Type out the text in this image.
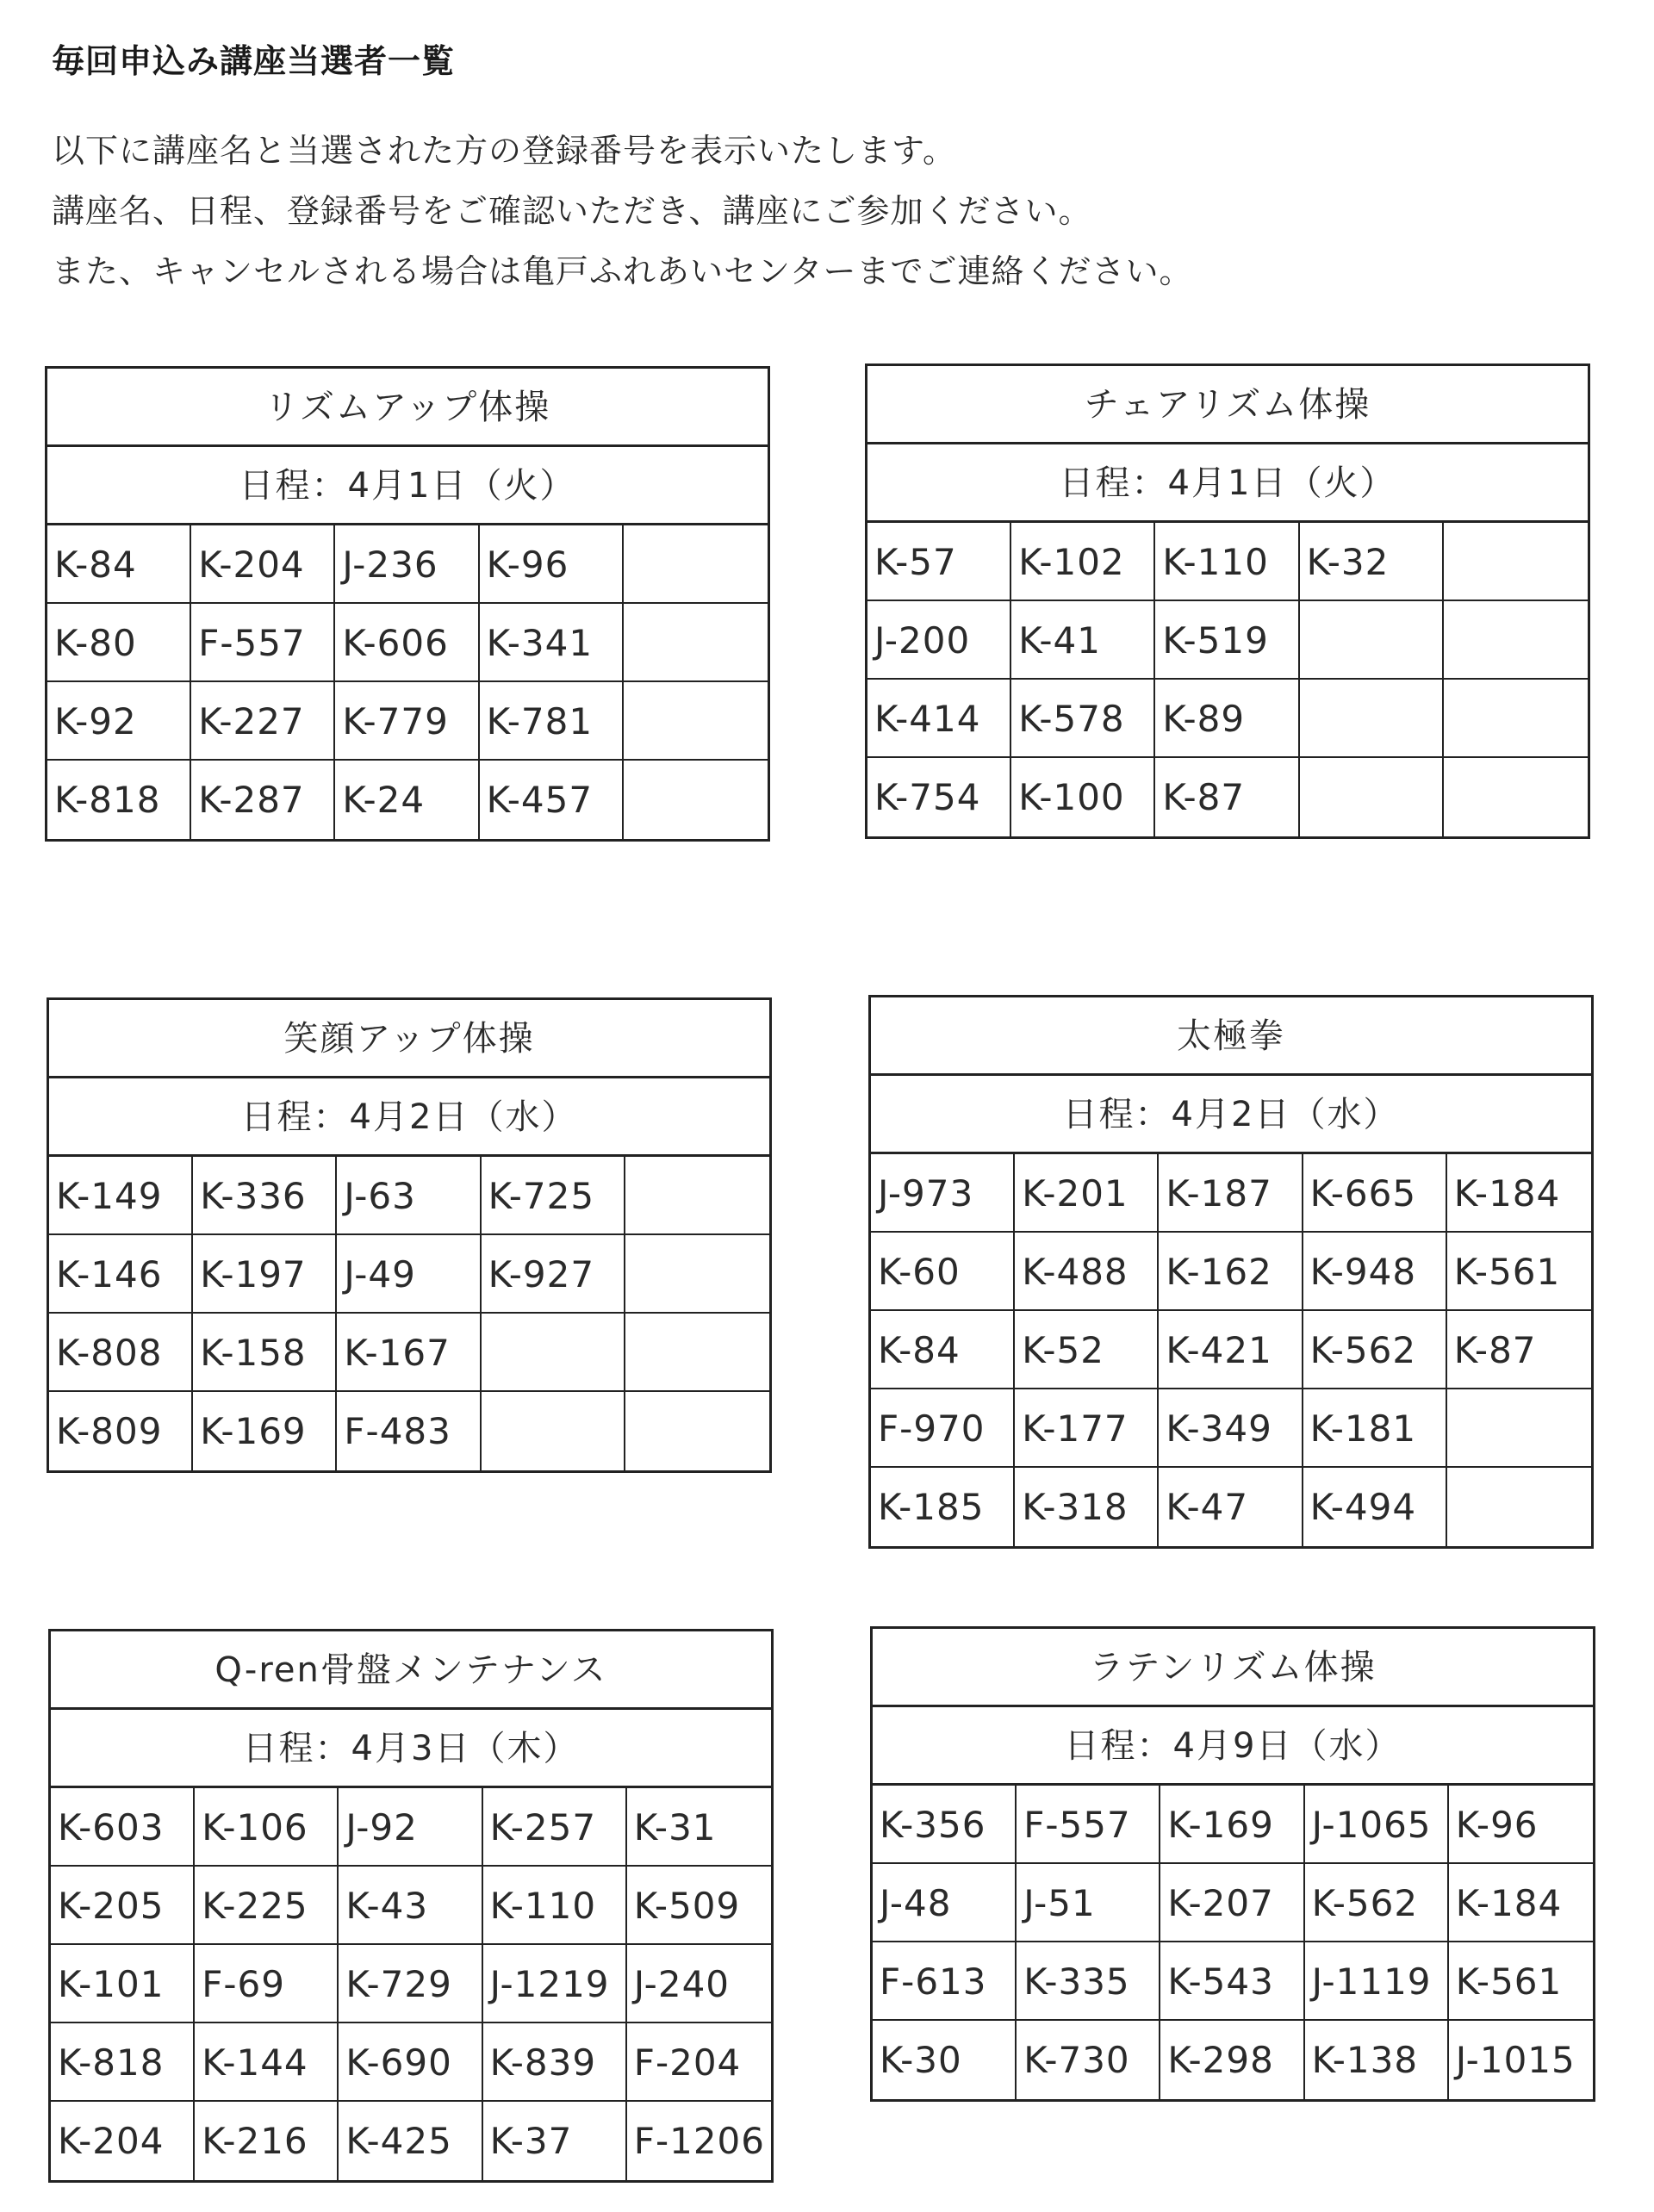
毎回申込み講座当選者一覧
以下に講座名と当選された方の登録番号を表示いたします。
講座名、日程、登録番号をご確認いただき、講座にご参加ください。
また、キャンセルされる場合は亀戸ふれあいセンターまでご連絡ください。
リズムアップ体操
日程：4月1日（火）
K-84	K-204	J-236	K-96
K-80	F-557	K-606	K-341
K-92	K-227	K-779	K-781
K-818	K-287	K-24	K-457
チェアリズム体操
日程：4月1日（火）
K-57	K-102	K-110	K-32
J-200	K-41	K-519
K-414	K-578	K-89
K-754	K-100	K-87
笑顔アップ体操
日程：4月2日（水）
K-149	K-336	J-63	K-725
K-146	K-197	J-49	K-927
K-808	K-158	K-167
K-809	K-169	F-483
太極拳
日程：4月2日（水）
J-973	K-201	K-187	K-665	K-184
K-60	K-488	K-162	K-948	K-561
K-84	K-52	K-421	K-562	K-87
F-970	K-177	K-349	K-181
K-185	K-318	K-47	K-494
Q-ren骨盤メンテナンス
日程：4月3日（木）
K-603	K-106	J-92	K-257	K-31
K-205	K-225	K-43	K-110	K-509
K-101	F-69	K-729	J-1219 J-240
K-818	K-144	K-690	K-839	F-204
K-204	K-216	K-425	K-37	F-1206
ラテンリズム体操
日程：4月9日（水）
K-356	F-557	K-169	J-1065 K-96
J-48	J-51	K-207	K-562	K-184
F-613	K-335	K-543	J-1119 K-561
K-30	K-730	K-298	K-138	J-1015
